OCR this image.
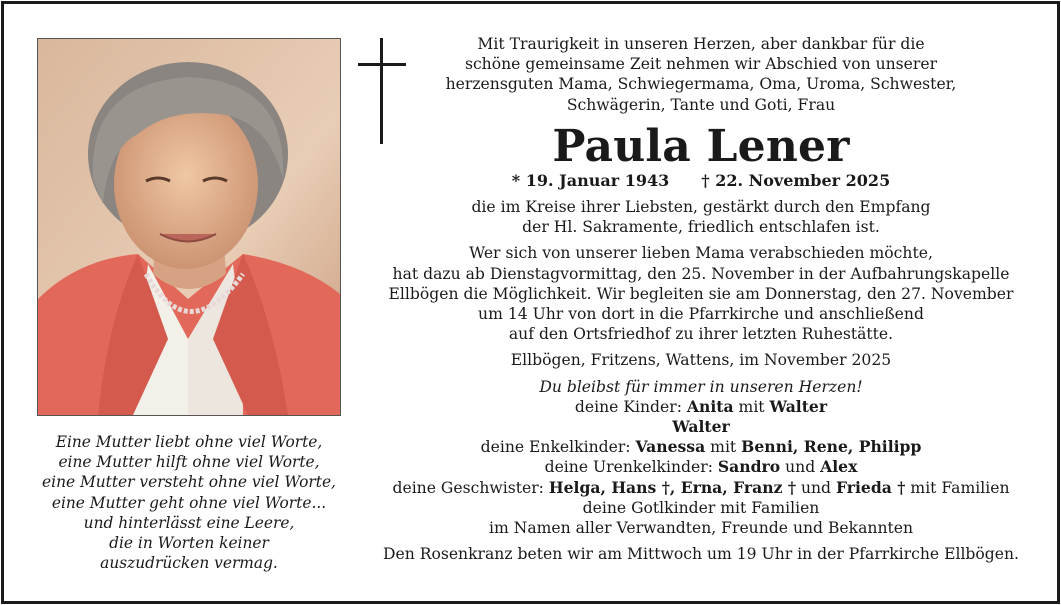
Eine Mutter liebt ohne viel Worte,
eine Mutter hilft ohne viel Worte,
eine Mutter versteht ohne viel Worte,
eine Mutter geht ohne viel Worte...
und hinterlässt eine Leere,
die in Worten keiner
auszudrücken vermag.
Mit Traurigkeit in unseren Herzen, aber dankbar für die
schöne gemeinsame Zeit nehmen wir Abschied von unserer
herzensguten Mama, Schwiegermama, Oma, Uroma, Schwester,
Schwägerin, Tante und Goti, Frau
Paula Lener
* 19. Januar 1943 † 22. November 2025
die im Kreise ihrer Liebsten, gestärkt durch den Empfang
der Hl. Sakramente, friedlich entschlafen ist.
Wer sich von unserer lieben Mama verabschieden möchte,
hat dazu ab Dienstagvormittag, den 25. November in der Aufbahrungskapelle
Ellbögen die Möglichkeit. Wir begleiten sie am Donnerstag, den 27. November
um 14 Uhr von dort in die Pfarrkirche und anschließend
auf den Ortsfriedhof zu ihrer letzten Ruhestätte.
Ellbögen, Fritzens, Wattens, im November 2025
Du bleibst für immer in unseren Herzen!
deine Kinder: Anita mit Walter
Walter
deine Enkelkinder: Vanessa mit Benni, Rene, Philipp
deine Urenkelkinder: Sandro und Alex
deine Geschwister: Helga, Hans †, Erna, Franz † und Frieda † mit Familien
deine Gotlkinder mit Familien
im Namen aller Verwandten, Freunde und Bekannten
Den Rosenkranz beten wir am Mittwoch um 19 Uhr in der Pfarrkirche Ellbögen.
